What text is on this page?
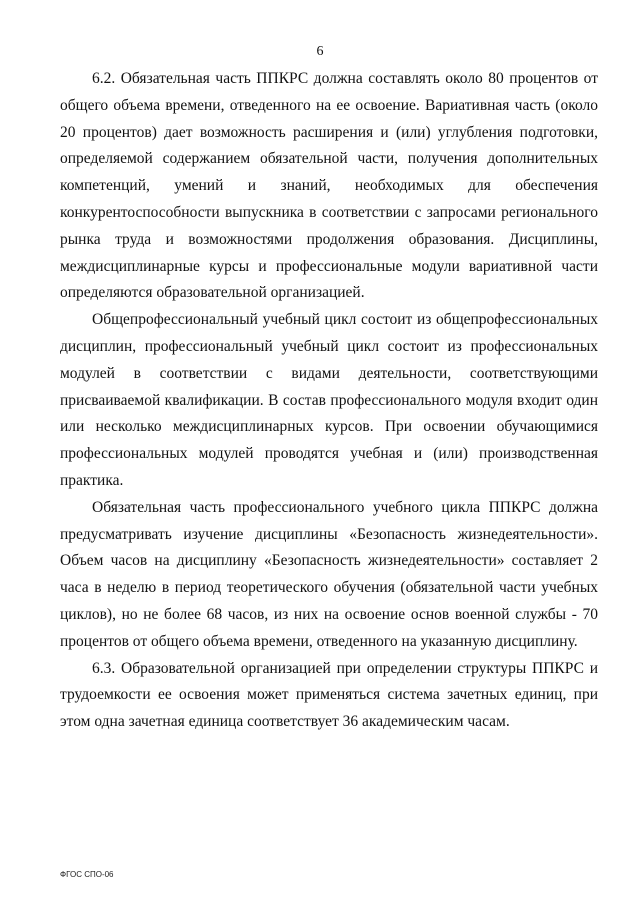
6

6.2. Обязательная часть ППКРС должна составлять около 80 процентов от общего объема времени, отведенного на ее освоение. Вариативная часть (около 20 процентов) дает возможность расширения и (или) углубления подготовки, определяемой содержанием обязательной части, получения дополнительных компетенций, умений и знаний, необходимых для обеспечения конкурентоспособности выпускника в соответствии с запросами регионального рынка труда и возможностями продолжения образования. Дисциплины, междисциплинарные курсы и профессиональные модули вариативной части определяются образовательной организацией.

Общепрофессиональный учебный цикл состоит из общепрофессиональных дисциплин, профессиональный учебный цикл состоит из профессиональных модулей в соответствии с видами деятельности, соответствующими присваиваемой квалификации. В состав профессионального модуля входит один или несколько междисциплинарных курсов. При освоении обучающимися профессиональных модулей проводятся учебная и (или) производственная практика.

Обязательная часть профессионального учебного цикла ППКРС должна предусматривать изучение дисциплины «Безопасность жизнедеятельности». Объем часов на дисциплину «Безопасность жизнедеятельности» составляет 2 часа в неделю в период теоретического обучения (обязательной части учебных циклов), но не более 68 часов, из них на освоение основ военной службы - 70 процентов от общего объема времени, отведенного на указанную дисциплину.

6.3. Образовательной организацией при определении структуры ППКРС и трудоемкости ее освоения может применяться система зачетных единиц, при этом одна зачетная единица соответствует 36 академическим часам.

ФГОС СПО-06
